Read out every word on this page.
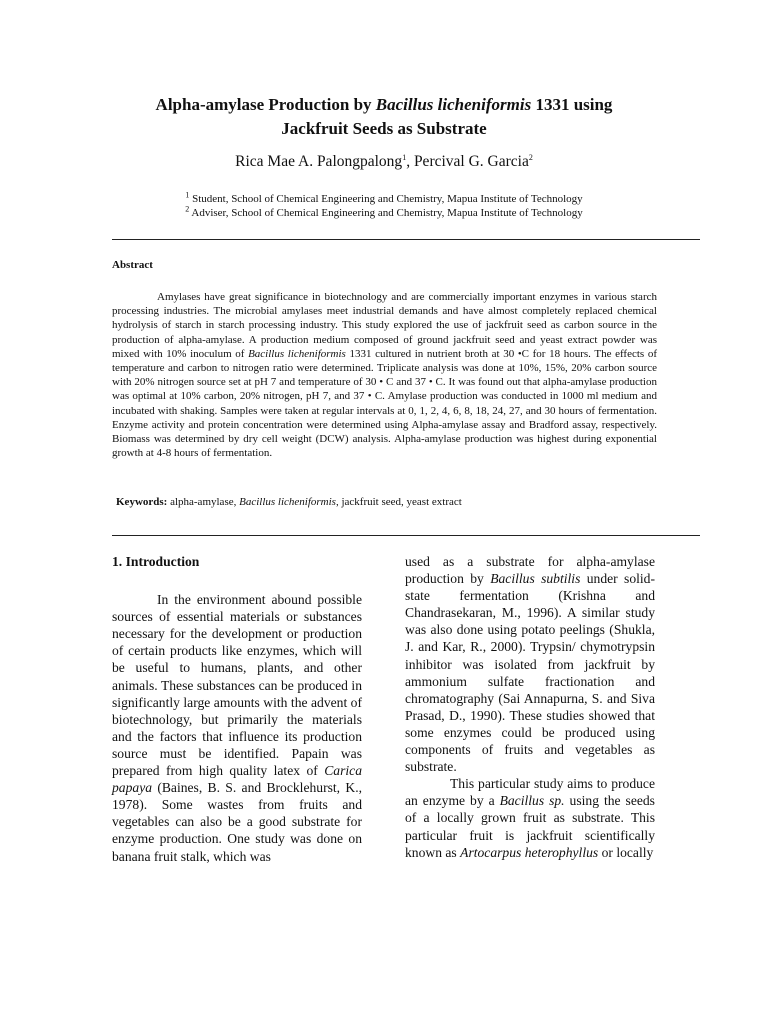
Alpha-amylase Production by Bacillus licheniformis 1331 using
Jackfruit Seeds as Substrate
Rica Mae A. Palongpalong$^1$, Percival G. Garcia$^2$
$^1$ Student, School of Chemical Engineering and Chemistry, Mapua Institute of Technology
$^2$ Adviser, School of Chemical Engineering and Chemistry, Mapua Institute of Technology
Abstract
Amylases have great significance in biotechnology and are commercially important enzymes in various starch processing industries. The microbial amylases meet industrial demands and have almost completely replaced chemical hydrolysis of starch in starch processing industry. This study explored the use of jackfruit seed as carbon source in the production of alpha-amylase. A production medium composed of ground jackfruit seed and yeast extract powder was mixed with 10% inoculum of Bacillus licheniformis 1331 cultured in nutrient broth at 30 •C for 18 hours. The effects of temperature and carbon to nitrogen ratio were determined. Triplicate analysis was done at 10%, 15%, 20% carbon source with 20% nitrogen source set at pH 7 and temperature of 30 • C and 37 • C. It was found out that alpha-amylase production was optimal at 10% carbon, 20% nitrogen, pH 7, and 37 • C. Amylase production was conducted in 1000 ml medium and incubated with shaking. Samples were taken at regular intervals at 0, 1, 2, 4, 6, 8, 18, 24, 27, and 30 hours of fermentation. Enzyme activity and protein concentration were determined using Alpha-amylase assay and Bradford assay, respectively. Biomass was determined by dry cell weight (DCW) analysis. Alpha-amylase production was highest during exponential growth at 4-8 hours of fermentation.
Keywords: alpha-amylase, Bacillus licheniformis, jackfruit seed, yeast extract

1. Introduction

In the environment abound possible sources of essential materials or substances necessary for the development or production of certain products like enzymes, which will be useful to humans, plants, and other animals. These substances can be produced in significantly large amounts with the advent of biotechnology, but primarily the materials and the factors that influence its production source must be identified. Papain was prepared from high quality latex of Carica papaya (Baines, B. S. and Brocklehurst, K., 1978). Some wastes from fruits and vegetables can also be a good substrate for enzyme production. One study was done on banana fruit stalk, which was

used as a substrate for alpha-amylase production by Bacillus subtilis under solid-state fermentation (Krishna and Chandrasekaran, M., 1996). A similar study was also done using potato peelings (Shukla, J. and Kar, R., 2000). Trypsin/ chymotrypsin inhibitor was isolated from jackfruit by ammonium sulfate fractionation and chromatography (Sai Annapurna, S. and Siva Prasad, D., 1990). These studies showed that some enzymes could be produced using components of fruits and vegetables as substrate.

This particular study aims to produce an enzyme by a Bacillus sp. using the seeds of a locally grown fruit as substrate. This particular fruit is jackfruit scientifically known as Artocarpus heterophyllus or locally
